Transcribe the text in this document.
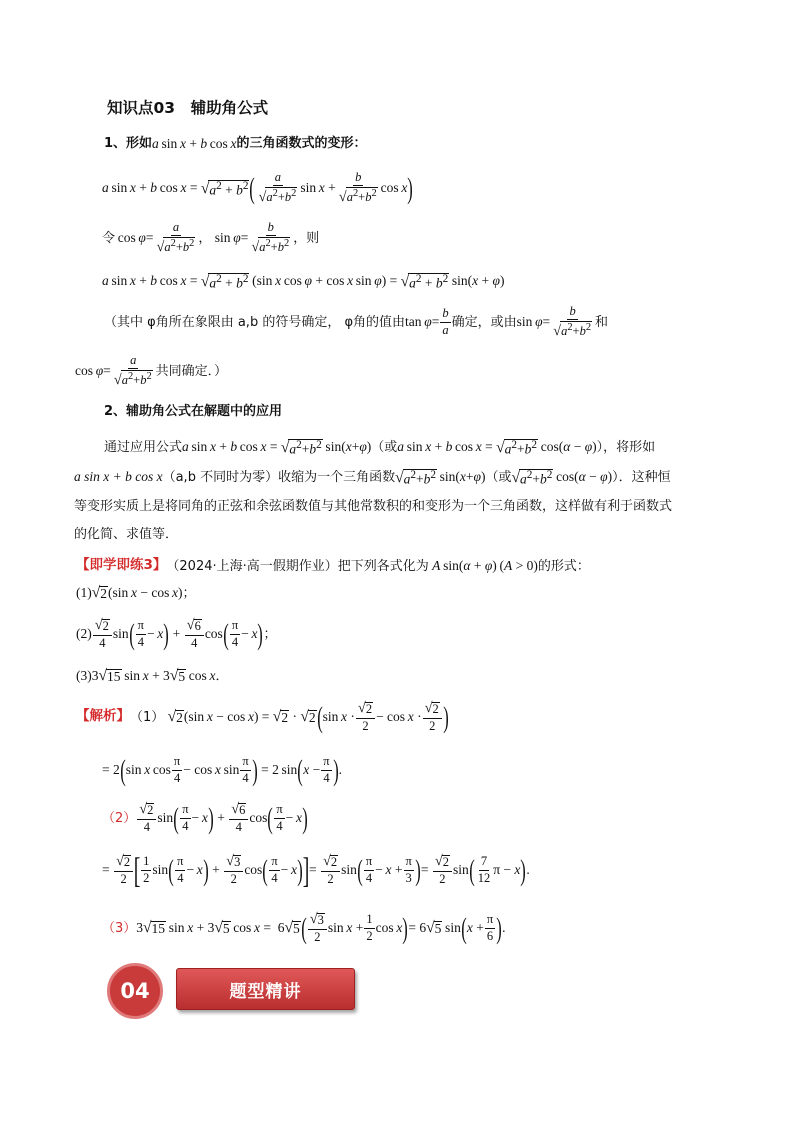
知识点03　辅助角公式
1、形如 a  sin  x + b  cos  x 的三角函数式的变形：
a  sin  x + b  cos  x = √ $a^2 + b^2$ ( $\frac{a}{√ a^2+b^2}$ $\sin x + \frac{b}{√ a^2+b^2}$ cos  x )
令  $\cos \varphi = \frac{a}{√ a^2+b^2}$ ， $\sin \varphi = \frac{b}{√ a^2+b^2}$ ，则
a  sin  x + b  cos  x = √ $a^2 + b^2$  (sin  x  cos  φ + cos  x  sin  φ ) = √ $a^2 + b^2$  sin( x + φ )
（其中 φ角所在象限由 a,b 的符号确定， φ角的值由 $\tan \varphi = \frac{b}{a}$ 确定，或由 $\sin \varphi = \frac{b}{√ a^2+b^2}$ 和
$\cos \varphi = \frac{a}{√ a^2+b^2}$ 共同确定．）
2、辅助角公式在解题中的应用
通过应用公式 a  sin  x + b  cos  x = √ $a^2+b^2$  sin( x + φ ) （或 a  sin  x + b  cos  x = √ $a^2+b^2$  cos( α − φ ) ），将形如
a sin x + b cos x （a,b 不同时为零）收缩为一个三角函数 √ $a^2+b^2$  sin( x + φ ) （或 √ $a^2+b^2$  cos( α − φ ) ）．这种恒
等变形实质上是将同角的正弦和余弦函数值与其他常数积的和变形为一个三角函数，这样做有利于函数式
的化简、求值等．
【即学即练3】 （2024·上海·高一假期作业）把下列各式化为
A  sin( α + φ ) ( A > 0) 的形式：
(1) √ 2 (sin  x − cos  x ) ；
$(2) \frac{√ 2}{4}$ sin ( $\frac{\pi}{4} - x$ ) + $\frac{√ 6}{4}$ cos ( $\frac{\pi}{4} - x$ ) ；
(3) 3 √ 15  sin  x + 3 √ 5  cos  x ．
【解析】 （1）
√ 2 (sin  x − cos  x ) = √ 2 · √ 2 ( $\sin x \cdot \frac{√ 2}{2} - \cos x \cdot \frac{√ 2}{2}$ )
= 2 ( sin  x  $\cos \frac{\pi}{4} - \cos x$  $\sin \frac{\pi}{4}$ ) = 2 sin ( $x - \frac{\pi}{4}$ ) .
$(2) \frac{√ 2}{4}$ sin ( $\frac{\pi}{4} - x$ ) + $\frac{√ 6}{4}$ cos ( $\frac{\pi}{4} - x$ )
= $\frac{√ 2}{2}$ [ $\frac{1}{2}$ sin ( $\frac{\pi}{4} - x$ ) + $\frac{√ 3}{2}$ cos ( $\frac{\pi}{4} - x$ ) ] = $\frac{√ 2}{2}$ sin ( $\frac{\pi}{4} - x + \frac{\pi}{3}$ ) = $\frac{√ 2}{2}$ sin ( $\frac{7}{12}$ π − x ) .
（3） 3 √ 15  sin  x + 3 √ 5  cos  x =  6 √ 5 ( $\frac{√ 3}{2}$ $\sin x + \frac{1}{2}$ cos  x ) = 6 √ 5  sin ( $x + \frac{\pi}{6}$ ) .
04	题型精讲
